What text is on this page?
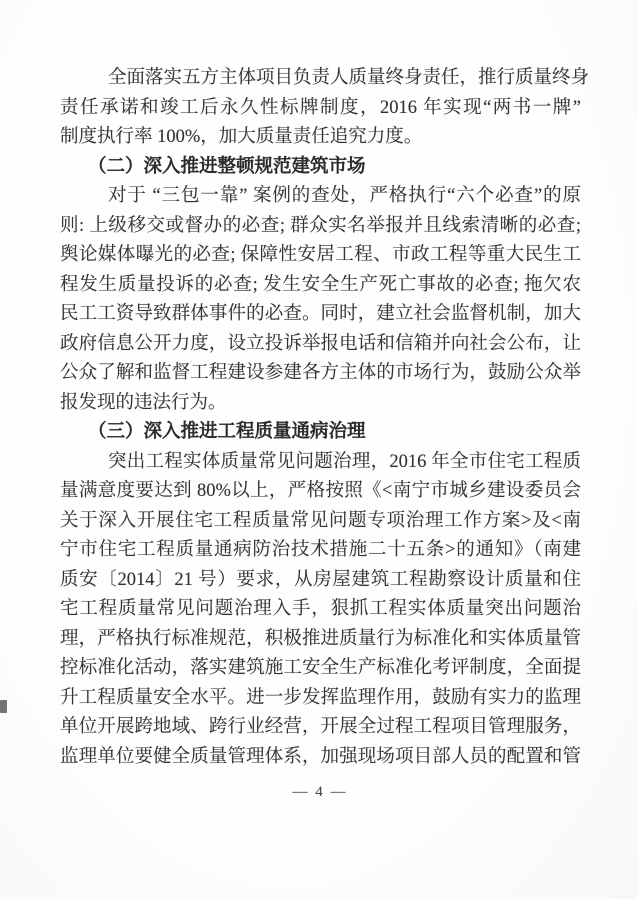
全面落实五方主体项目负责人质量终身责任，推行质量终身
责任承诺和竣工后永久性标牌制度，2016 年实现“两书一牌”
制度执行率 100%，加大质量责任追究力度。
（二）深入推进整顿规范建筑市场
对于 “三包一靠” 案例的查处，严格执行“六个必查”的原
则: 上级移交或督办的必查; 群众实名举报并且线索清晰的必查;
舆论媒体曝光的必查; 保障性安居工程、市政工程等重大民生工
程发生质量投诉的必查; 发生安全生产死亡事故的必查; 拖欠农
民工工资导致群体事件的必查。同时，建立社会监督机制，加大
政府信息公开力度，设立投诉举报电话和信箱并向社会公布，让
公众了解和监督工程建设参建各方主体的市场行为，鼓励公众举
报发现的违法行为。
（三）深入推进工程质量通病治理
突出工程实体质量常见问题治理，2016 年全市住宅工程质
量满意度要达到 80%以上，严格按照《<南宁市城乡建设委员会
关于深入开展住宅工程质量常见问题专项治理工作方案>及<南
宁市住宅工程质量通病防治技术措施二十五条>的通知》（南建
质安〔2014〕21 号）要求，从房屋建筑工程勘察设计质量和住
宅工程质量常见问题治理入手，狠抓工程实体质量突出问题治
理，严格执行标准规范，积极推进质量行为标准化和实体质量管
控标准化活动，落实建筑施工安全生产标准化考评制度，全面提
升工程质量安全水平。进一步发挥监理作用，鼓励有实力的监理
单位开展跨地域、跨行业经营，开展全过程工程项目管理服务，
监理单位要健全质量管理体系，加强现场项目部人员的配置和管
— 4 —
